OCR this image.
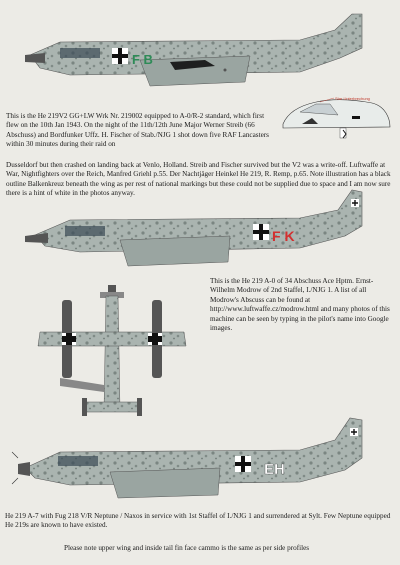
F B
Star Unterbrechung
F K
EH

This is the He 219V2 GG+LW Wrk Nr. 219002 equipped to A-0/R-2 standard, which first flew on the 10th Jan 1943. On the night of the 11th/12th June Major Werner Streib (66 Abschuss) and Bordfunker Uffz. H. Fischer of Stab./NJG 1 shot down five RAF Lancasters within 30 minutes during their raid on

Dusseldorf but then crashed on landing back at Venlo, Holland. Streib and Fischer survived but the V2 was a write-off. Luftwaffe at War, Nightfighters over the Reich, Manfred Griehl p.55. Der Nachtjäger Heinkel He 219, R. Remp, p.65. Note illustration has a black outline Balkenkreuz beneath the wing as per rest of national markings but these could not be supplied due to space and I am now sure there is a hint of white in the photos anyway.

This is the He 219 A-0 of 34 Abschuss Ace Hptm. Ernst-Wilhelm Modrow of 2nd Staffel, I./NJG 1. A list of all Modrow's Abscuss can be found at http://www.luftwaffe.cz/modrow.html and many photos of this machine can be seen by typing in the pilot's name into Google images.

He 219 A-7 with Fug 218 V/R Neptune / Naxos in service with 1st Staffel of I./NJG 1 and surrendered at Sylt. Few Neptune equipped He 219s are known to have existed.

Please note upper wing and inside tail fin face cammo is the same as per side profiles
